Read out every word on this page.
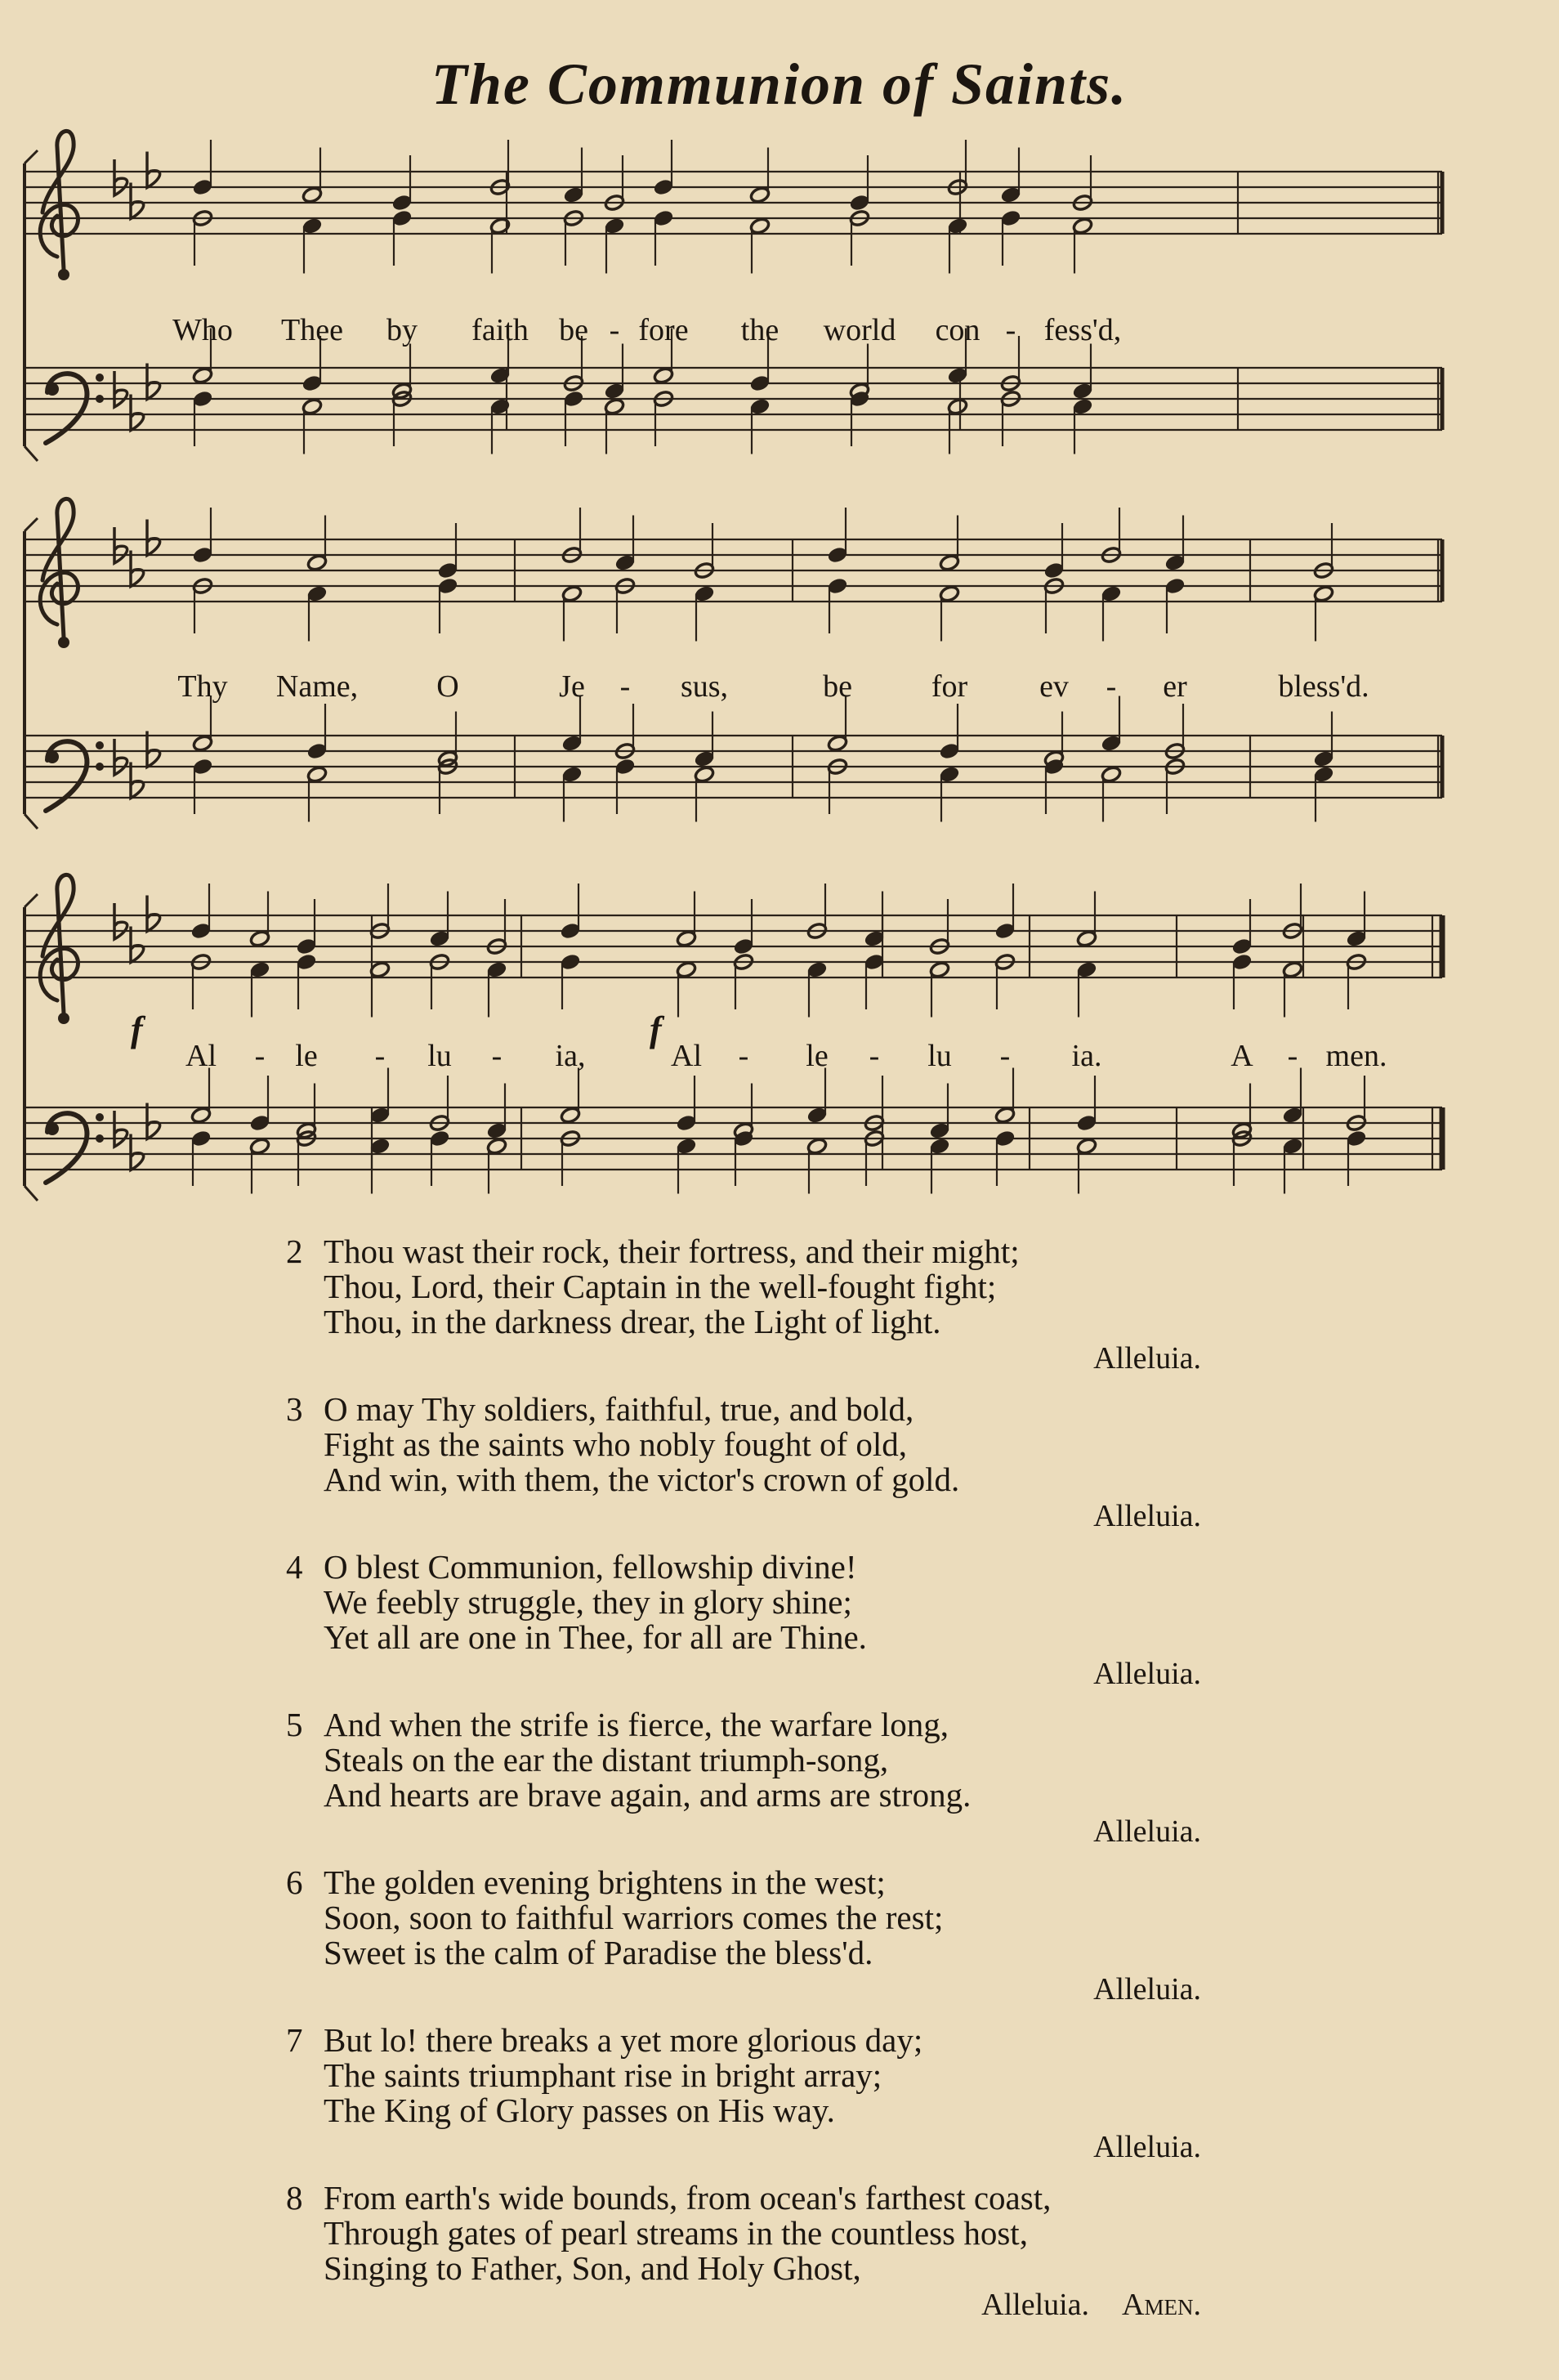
The Communion of Saints.
Who Thee by faith be - fore the world con - fess'd,
Thy Name,	O	Je - sus,	be	for ev - er	bless'd.
Al - le - lu - ia,	Al - le - lu - ia.	A - men.
f	f
2 Thou wast their rock, their fortress, and their might;
Thou, Lord, their Captain in the well-fought fight;
Thou, in the darkness drear, the Light of light.
Alleluia.
3 O may Thy soldiers, faithful, true, and bold,
Fight as the saints who nobly fought of old,
And win, with them, the victor's crown of gold.
Alleluia.
4 O blest Communion, fellowship divine!
We feebly struggle, they in glory shine;
Yet all are one in Thee, for all are Thine.
Alleluia.
5 And when the strife is fierce, the warfare long,
Steals on the ear the distant triumph-song,
And hearts are brave again, and arms are strong.
Alleluia.
6 The golden evening brightens in the west;
Soon, soon to faithful warriors comes the rest;
Sweet is the calm of Paradise the bless'd.
Alleluia.
7 But lo! there breaks a yet more glorious day;
The saints triumphant rise in bright array;
The King of Glory passes on His way.
Alleluia.
8 From earth's wide bounds, from ocean's farthest coast,
Through gates of pearl streams in the countless host,
Singing to Father, Son, and Holy Ghost,
Alleluia. Amen.
